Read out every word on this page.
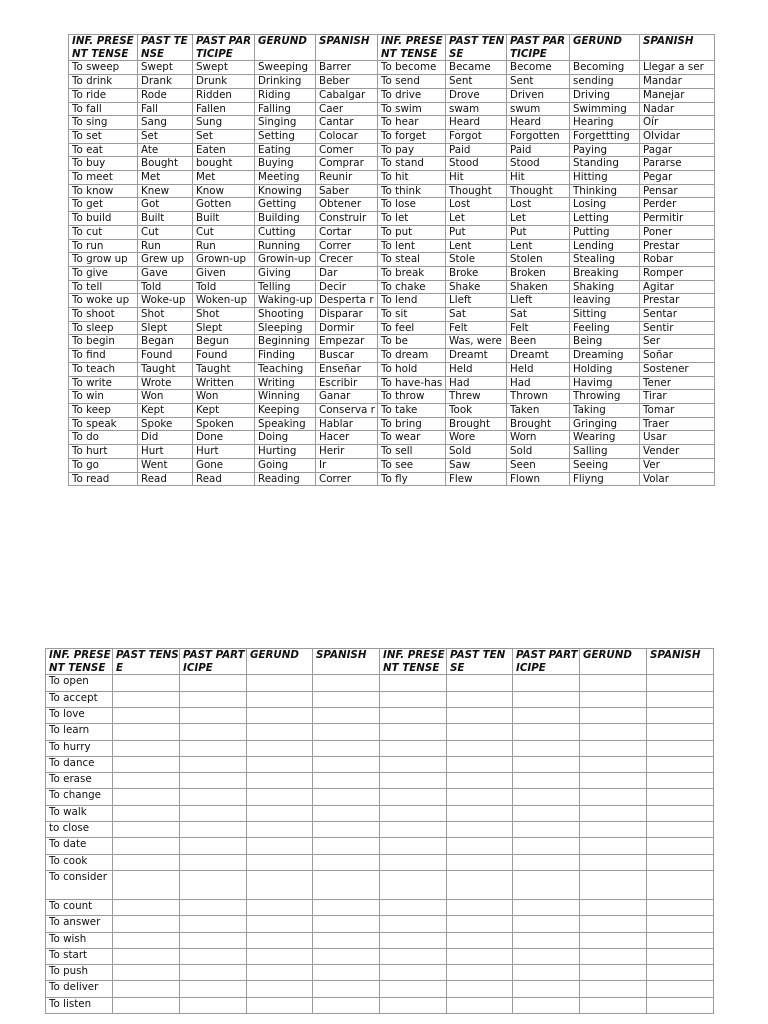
INF. PRESENT TENSE	PAST TENSE	PAST PARTICIPE	GERUND	SPANISH	INF. PRESENT TENSE	PAST TENSE	PAST PARTICIPE	GERUND	SPANISH
To sweep	Swept	Swept	Sweeping	Barrer	To become	Became	Become	Becoming	Llegar a ser
To drink	Drank	Drunk	Drinking	Beber	To send	Sent	Sent	sending	Mandar
To ride	Rode	Ridden	Riding	Cabalgar	To drive	Drove	Driven	Driving	Manejar
To fall	Fall	Fallen	Falling	Caer	To swim	swam	swum	Swimming	Nadar
To sing	Sang	Sung	Singing	Cantar	To hear	Heard	Heard	Hearing	Oír
To set	Set	Set	Setting	Colocar	To forget	Forgot	Forgotten	Forgettting	Olvidar
To eat	Ate	Eaten	Eating	Comer	To pay	Paid	Paid	Paying	Pagar
To buy	Bought	bought	Buying	Comprar	To stand	Stood	Stood	Standing	Pararse
To meet	Met	Met	Meeting	Reunir	To hit	Hit	Hit	Hitting	Pegar
To know	Knew	Know	Knowing	Saber	To think	Thought	Thought	Thinking	Pensar
To get	Got	Gotten	Getting	Obtener	To lose	Lost	Lost	Losing	Perder
To build	Built	Built	Building	Construir	To let	Let	Let	Letting	Permitir
To cut	Cut	Cut	Cutting	Cortar	To put	Put	Put	Putting	Poner
To run	Run	Run	Running	Correr	To lent	Lent	Lent	Lending	Prestar
To grow up	Grew up	Grown-up	Growin-up	Crecer	To steal	Stole	Stolen	Stealing	Robar
To give	Gave	Given	Giving	Dar	To break	Broke	Broken	Breaking	Romper
To tell	Told	Told	Telling	Decir	To chake	Shake	Shaken	Shaking	Agitar
To woke up	Woke-up	Woken-up	Waking-up	Desperta r	To lend	Lleft	Lleft	leaving	Prestar
To shoot	Shot	Shot	Shooting	Disparar	To sit	Sat	Sat	Sitting	Sentar
To sleep	Slept	Slept	Sleeping	Dormir	To feel	Felt	Felt	Feeling	Sentir
To begin	Began	Begun	Beginning	Empezar	To be	Was, were	Been	Being	Ser
To find	Found	Found	Finding	Buscar	To dream	Dreamt	Dreamt	Dreaming	Soñar
To teach	Taught	Taught	Teaching	Enseñar	To hold	Held	Held	Holding	Sostener
To write	Wrote	Written	Writing	Escribir	To have-has	Had	Had	Havimg	Tener
To win	Won	Won	Winning	Ganar	To throw	Threw	Thrown	Throwing	Tirar
To keep	Kept	Kept	Keeping	Conserva r	To take	Took	Taken	Taking	Tomar
To speak	Spoke	Spoken	Speaking	Hablar	To bring	Brought	Brought	Gringing	Traer
To do	Did	Done	Doing	Hacer	To wear	Wore	Worn	Wearing	Usar
To hurt	Hurt	Hurt	Hurting	Herir	To sell	Sold	Sold	Salling	Vender
To go	Went	Gone	Going	Ir	To see	Saw	Seen	Seeing	Ver
To read	Read	Read	Reading	Correr	To fly	Flew	Flown	Fliyng	Volar
INF. PRESENT TENSE	PAST TENSE	PAST PARTICIPE	GERUND	SPANISH	INF. PRESENT TENSE	PAST TENSE	PAST PARTICIPE	GERUND	SPANISH
To open									
To accept									
To love									
To learn									
To hurry									
To dance									
To erase									
To change									
To walk									
to close									
To date									
To cook									
To consider									
To count									
To answer									
To wish									
To start									
To push									
To deliver									
To listen									
